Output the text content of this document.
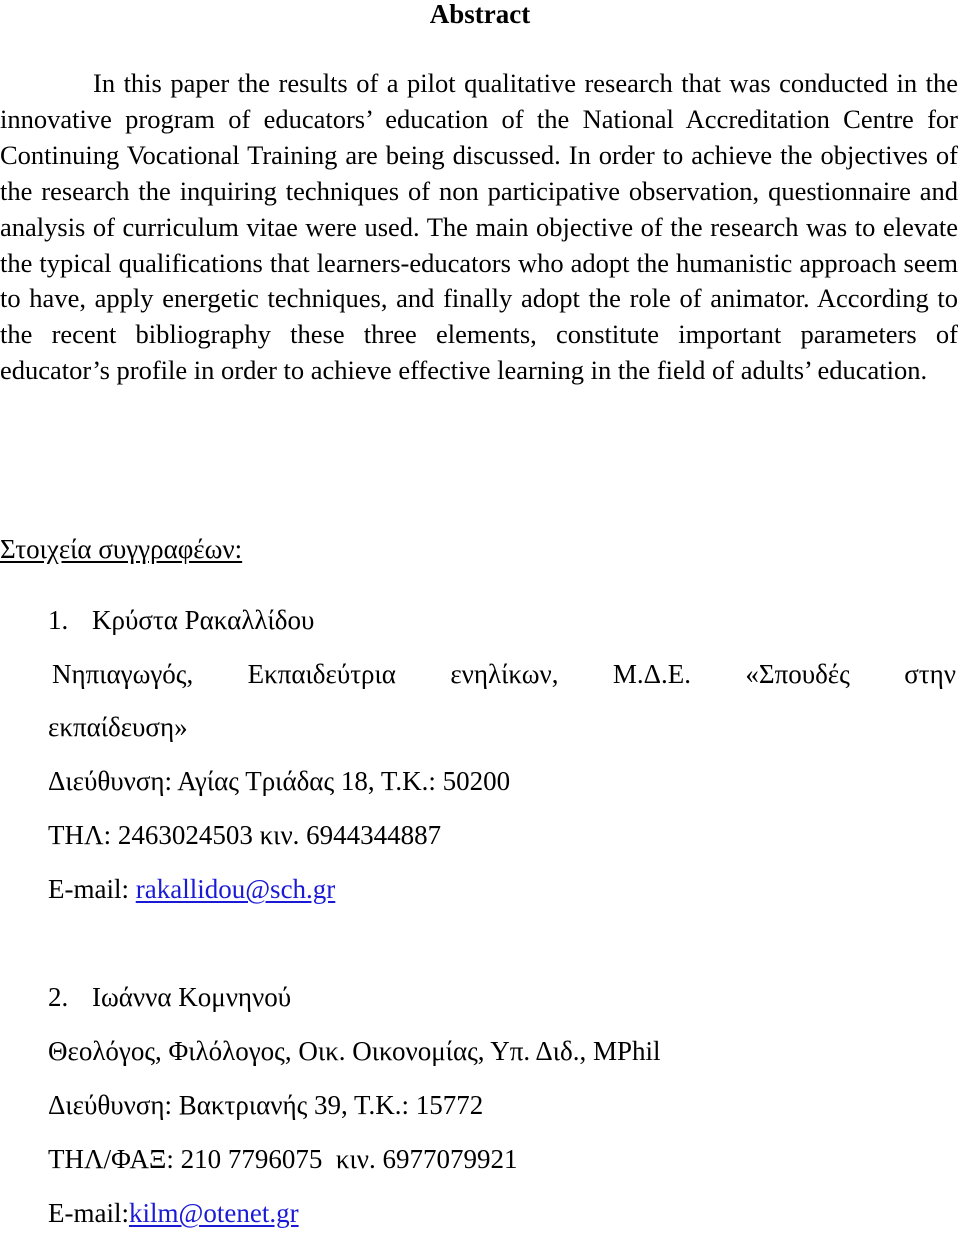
Abstract

In this paper the results of a pilot qualitative research that was conducted in the innovative program of educators’ education of the National Accreditation Centre for Continuing Vocational Training are being discussed. In order to achieve the objectives of the research the inquiring techniques of non participative observation, questionnaire and analysis of curriculum vitae were used. The main objective of the research was to elevate the typical qualifications that learners-educators who adopt the humanistic approach seem to have, apply energetic techniques, and finally adopt the role of animator. According to the recent bibliography these three elements, constitute important parameters of educator’s profile in order to achieve effective learning in the field of adults’ education.

Στοιχεία συγγραφέων:
1. Κρύστα Ρακαλλίδου
Νηπιαγωγός, Εκπαιδεύτρια ενηλίκων, Μ.Δ.Ε. «Σπουδές στην
εκπαίδευση»
Διεύθυνση: Αγίας Τριάδας 18, Τ.Κ.: 50200
ΤΗΛ: 2463024503 κιν. 6944344887
E-mail: rakallidou@sch.gr
2. Ιωάννα Κομνηνού
Θεολόγος, Φιλόλογος, Οικ. Οικονομίας, Υπ. Διδ., MPhil
Διεύθυνση: Βακτριανής 39, Τ.Κ.: 15772
ΤΗΛ/ΦΑΞ: 210 7796075  κιν. 6977079921
E-mail:kilm@otenet.gr
